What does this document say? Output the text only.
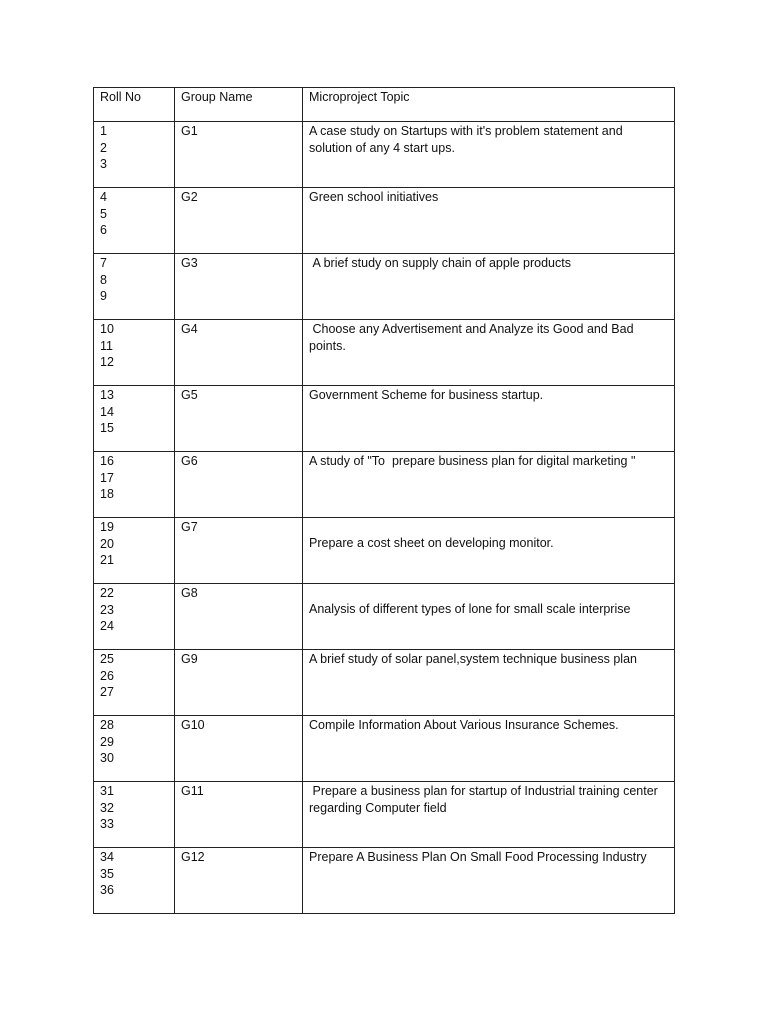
Roll No	Group Name	Microproject Topic

1
2
3	G1	A case study on Startups with it's problem statement and solution of any 4 start ups.

4
5
6	G2	Green school initiatives

7
8
9	G3	A brief study on supply chain of apple products

10
11
12	G4	Choose any Advertisement and Analyze its Good and Bad points.

13
14
15	G5	Government Scheme for business startup.

16
17
18	G6	A study of "To  prepare business plan for digital marketing "

19
20
21	G7	Prepare a cost sheet on developing monitor.

22
23
24	G8	Analysis of different types of lone for small scale interprise

25
26
27	G9	A brief study of solar panel,system technique business plan

28
29
30	G10	Compile Information About Various Insurance Schemes.

31
32
33	G11	Prepare a business plan for startup of Industrial training center regarding Computer field

34
35
36	G12	Prepare A Business Plan On Small Food Processing Industry
